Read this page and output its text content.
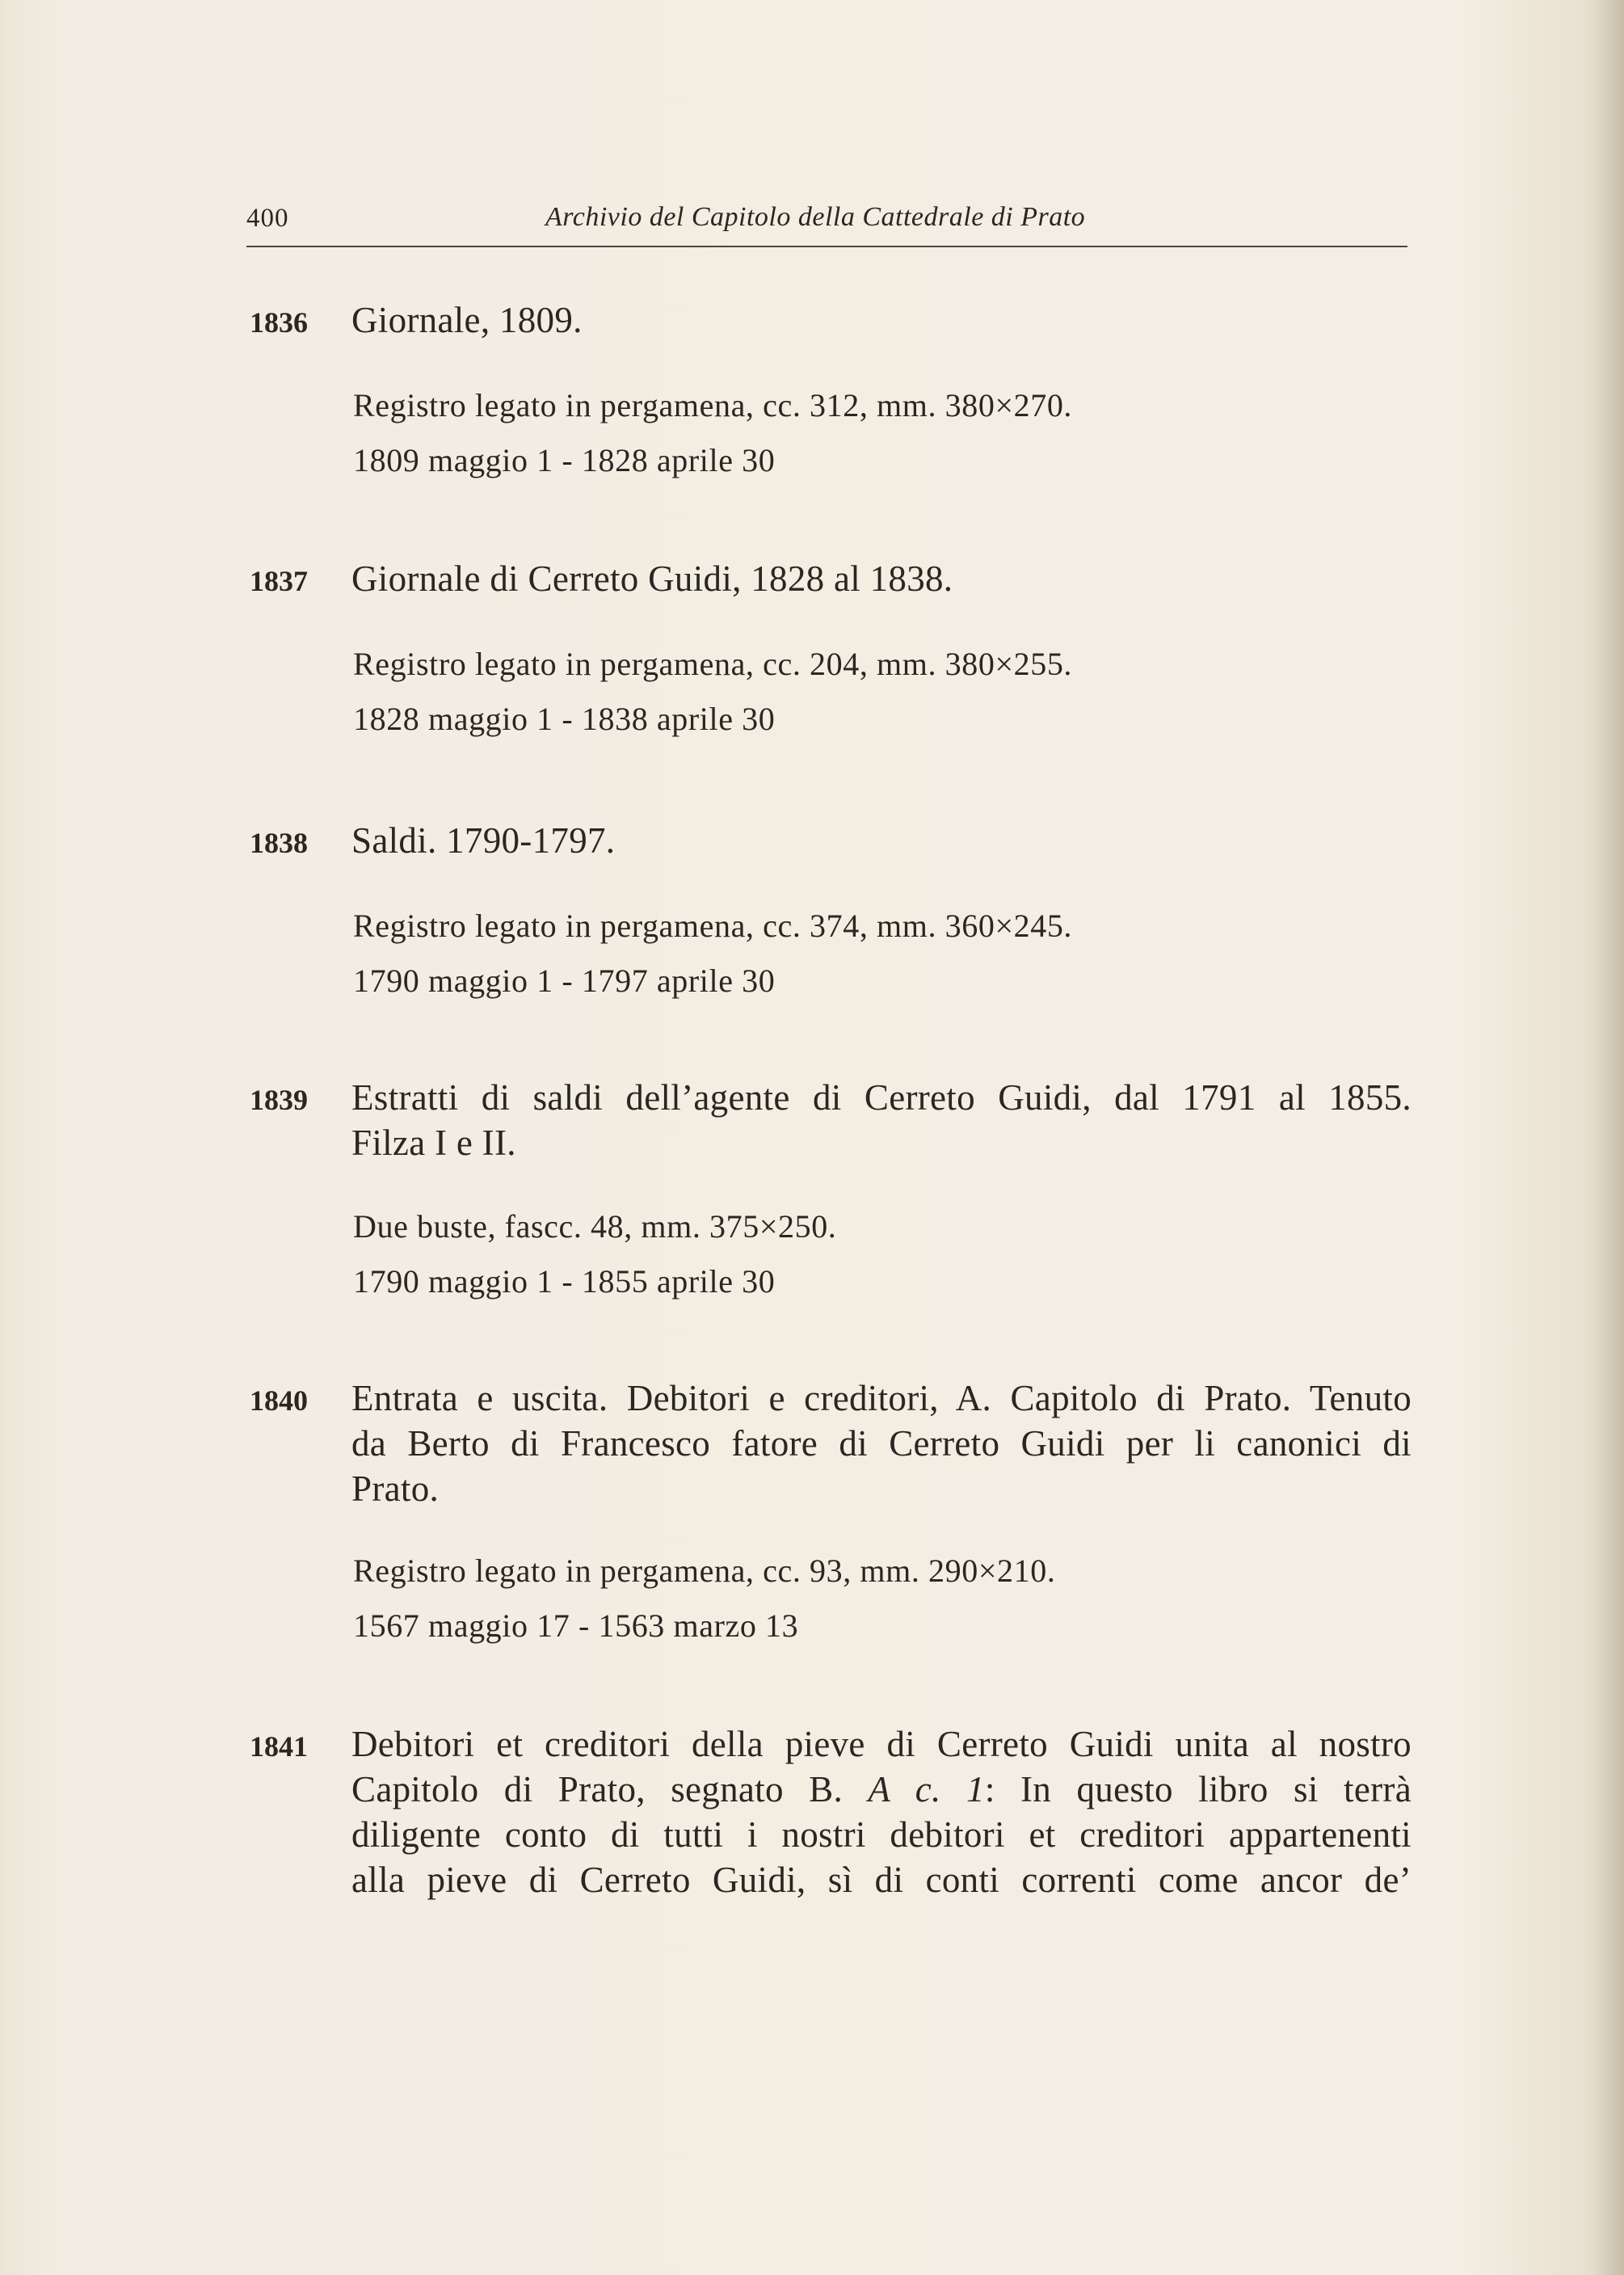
400	Archivio del Capitolo della Cattedrale di Prato
1836 Giornale, 1809.
Registro legato in pergamena, cc. 312, mm. 380×270.
1809 maggio 1 - 1828 aprile 30
1837 Giornale di Cerreto Guidi, 1828 al 1838.
Registro legato in pergamena, cc. 204, mm. 380×255.
1828 maggio 1 - 1838 aprile 30
1838 Saldi. 1790-1797.
Registro legato in pergamena, cc. 374, mm. 360×245.
1790 maggio 1 - 1797 aprile 30
1839 Estratti di saldi dell’agente di Cerreto Guidi, dal 1791 al 1855.
Filza I e II.
Due buste, fascc. 48, mm. 375×250.
1790 maggio 1 - 1855 aprile 30
1840 Entrata e uscita. Debitori e creditori, A. Capitolo di Prato. Tenuto
da Berto di Francesco fatore di Cerreto Guidi per li canonici di
Prato.
Registro legato in pergamena, cc. 93, mm. 290×210.
1567 maggio 17 - 1563 marzo 13
1841 Debitori et creditori della pieve di Cerreto Guidi unita al nostro
Capitolo di Prato, segnato B. A c. 1: In questo libro si terrà
diligente conto di tutti i nostri debitori et creditori appartenenti
alla pieve di Cerreto Guidi, sì di conti correnti come ancor de’
